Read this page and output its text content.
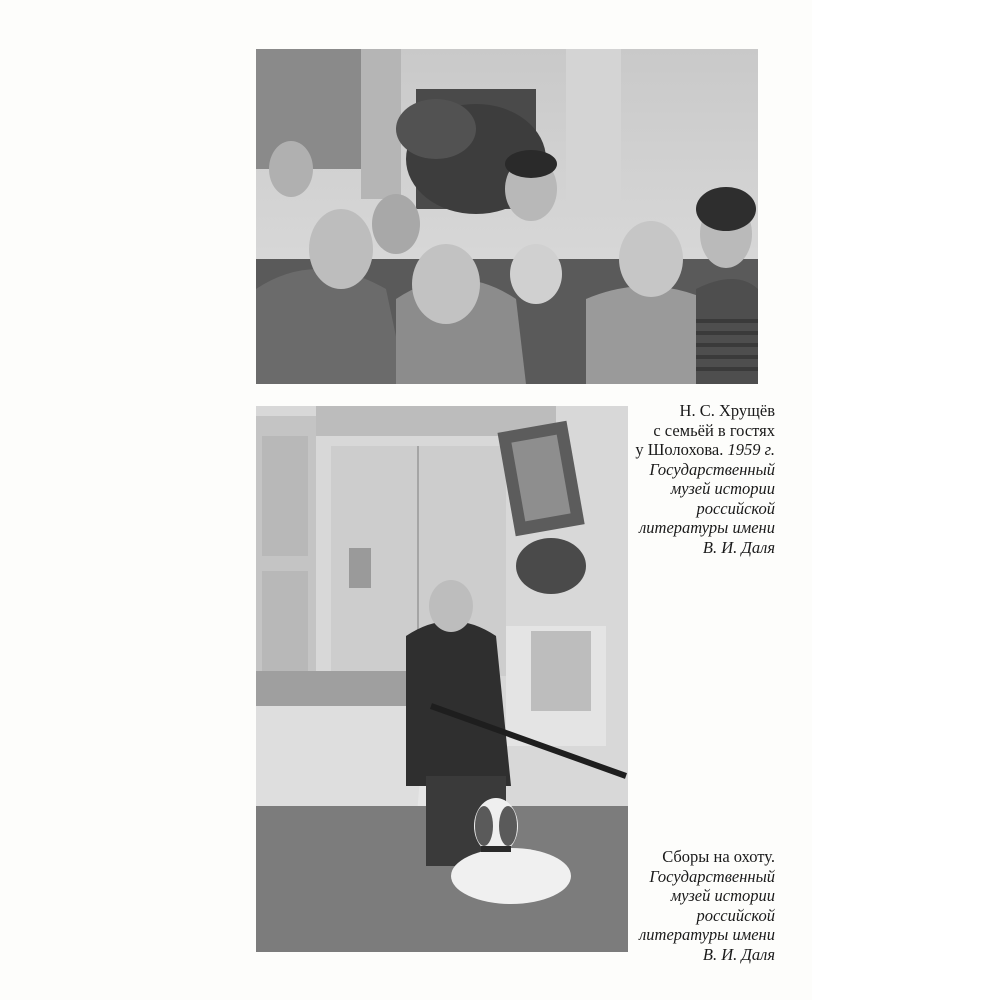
Н. С. Хрущёв
с семьёй в гостях
у Шолохова. 1959 г.
Государственный
музей истории
российской
литературы имени
В. И. Даля
Сборы на охоту.
Государственный
музей истории
российской
литературы имени
В. И. Даля
